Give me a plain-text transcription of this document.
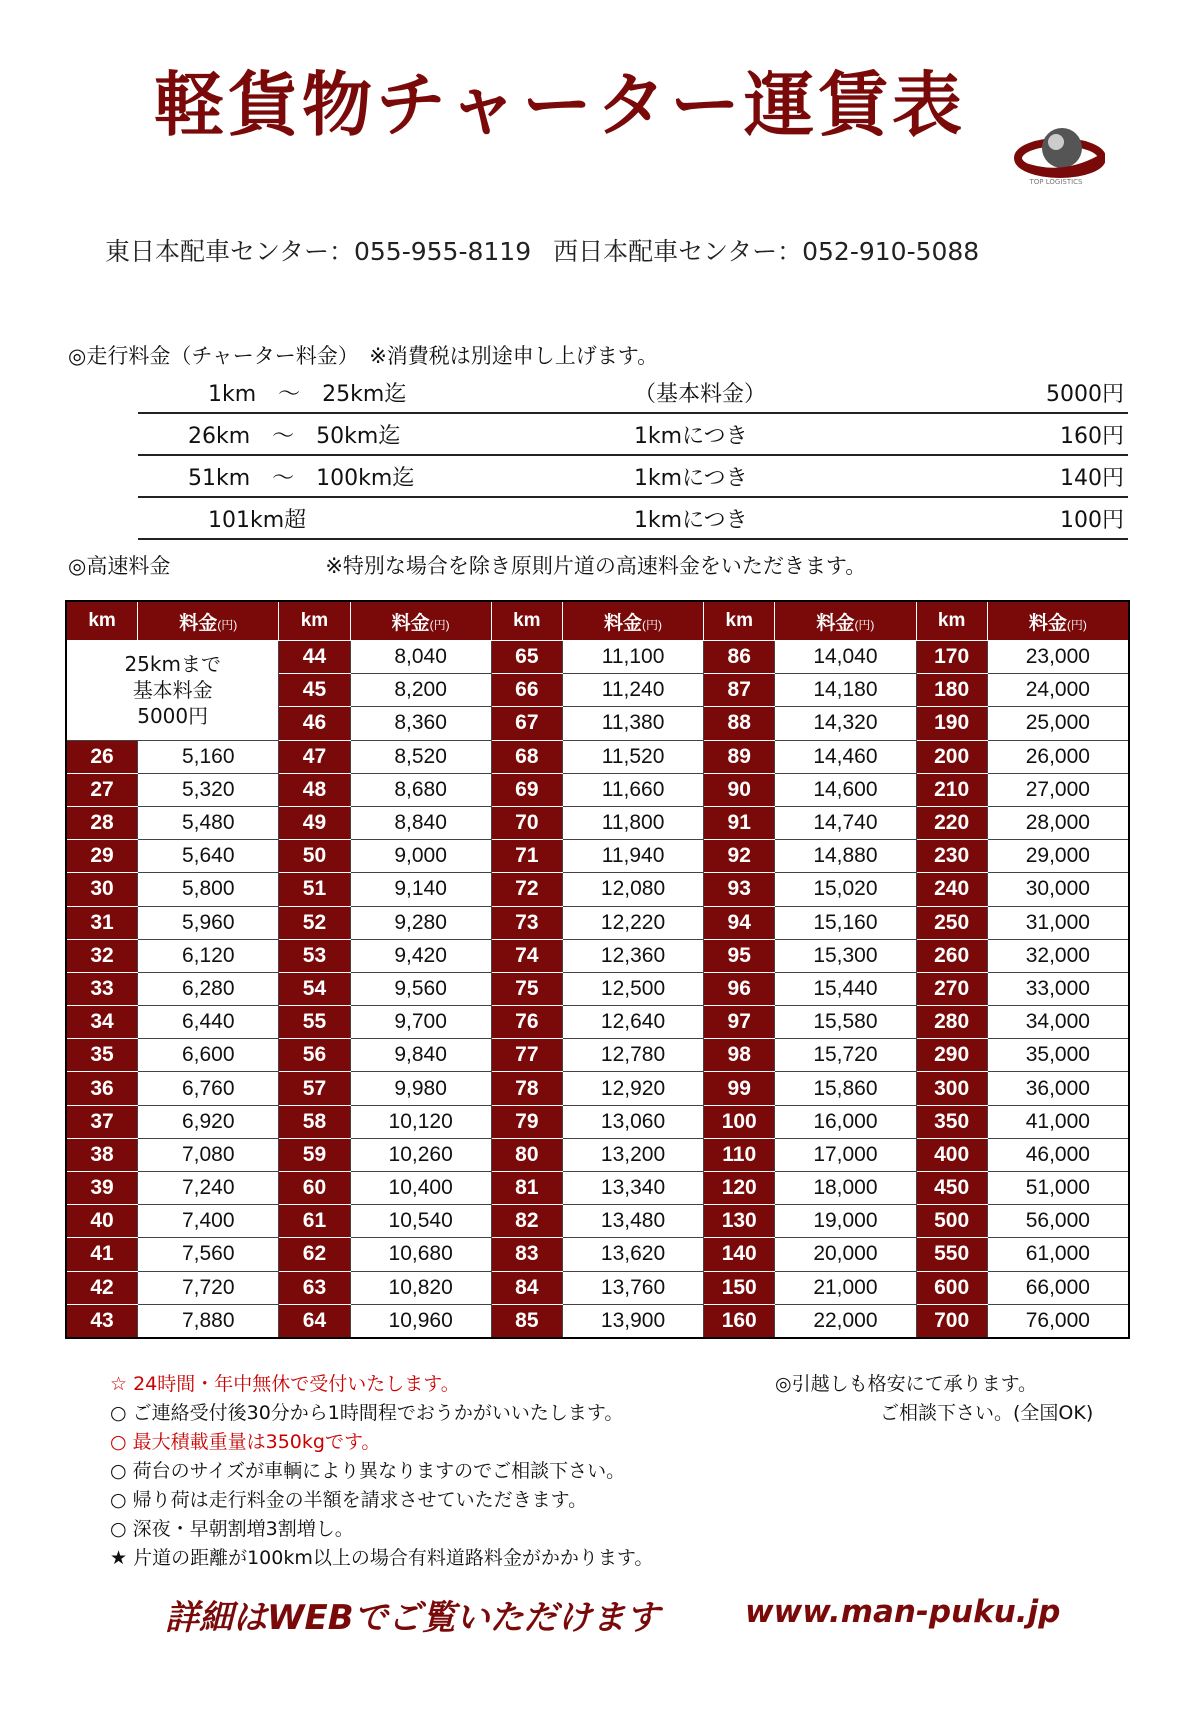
軽貨物チャーター運賃表
TOP LOGISTICS
東日本配車センター：055-955-8119 西日本配車センター：052-910-5088
◎走行料金（チャーター料金）　 ※消費税は別途申し上げます。
1km　～　25km迄	（基本料金）	5000円
26km　～　50km迄	1kmにつき	160円
51km　～　100km迄	1kmにつき	140円
101km超	1kmにつき	100円
◎高速料金	※特別な場合を除き原則片道の高速料金をいただきます。
km	料金(円)	km	料金(円)	km	料金(円)	km	料金(円)	km	料金(円)

25kmまで
基本料金
5000円		44	8,040	65	11,100	86	14,040	170	23,000
		45	8,200	66	11,240	87	14,180	180	24,000
		46	8,360	67	11,380	88	14,320	190	25,000
26	5,160	47	8,520	68	11,520	89	14,460	200	26,000
27	5,320	48	8,680	69	11,660	90	14,600	210	27,000
28	5,480	49	8,840	70	11,800	91	14,740	220	28,000
29	5,640	50	9,000	71	11,940	92	14,880	230	29,000
30	5,800	51	9,140	72	12,080	93	15,020	240	30,000
31	5,960	52	9,280	73	12,220	94	15,160	250	31,000
32	6,120	53	9,420	74	12,360	95	15,300	260	32,000
33	6,280	54	9,560	75	12,500	96	15,440	270	33,000
34	6,440	55	9,700	76	12,640	97	15,580	280	34,000
35	6,600	56	9,840	77	12,780	98	15,720	290	35,000
36	6,760	57	9,980	78	12,920	99	15,860	300	36,000
37	6,920	58	10,120	79	13,060	100	16,000	350	41,000
38	7,080	59	10,260	80	13,200	110	17,000	400	46,000
39	7,240	60	10,400	81	13,340	120	18,000	450	51,000
40	7,400	61	10,540	82	13,480	130	19,000	500	56,000
41	7,560	62	10,680	83	13,620	140	20,000	550	61,000
42	7,720	63	10,820	84	13,760	150	21,000	600	66,000
43	7,880	64	10,960	85	13,900	160	22,000	700	76,000
☆ 24時間・年中無休で受付いたします。
○ ご連絡受付後30分から1時間程でおうかがいいたします。
○ 最大積載重量は350kgです。
○ 荷台のサイズが車輌により異なりますのでご相談下さい。
○ 帰り荷は走行料金の半額を請求させていただきます。
○ 深夜・早朝割増3割増し。
★ 片道の距離が100km以上の場合有料道路料金がかかります。
◎引越しも格安にて承ります。
ご相談下さい。(全国OK)
詳細はWEBでご覧いただけます	www.man-puku.jp
